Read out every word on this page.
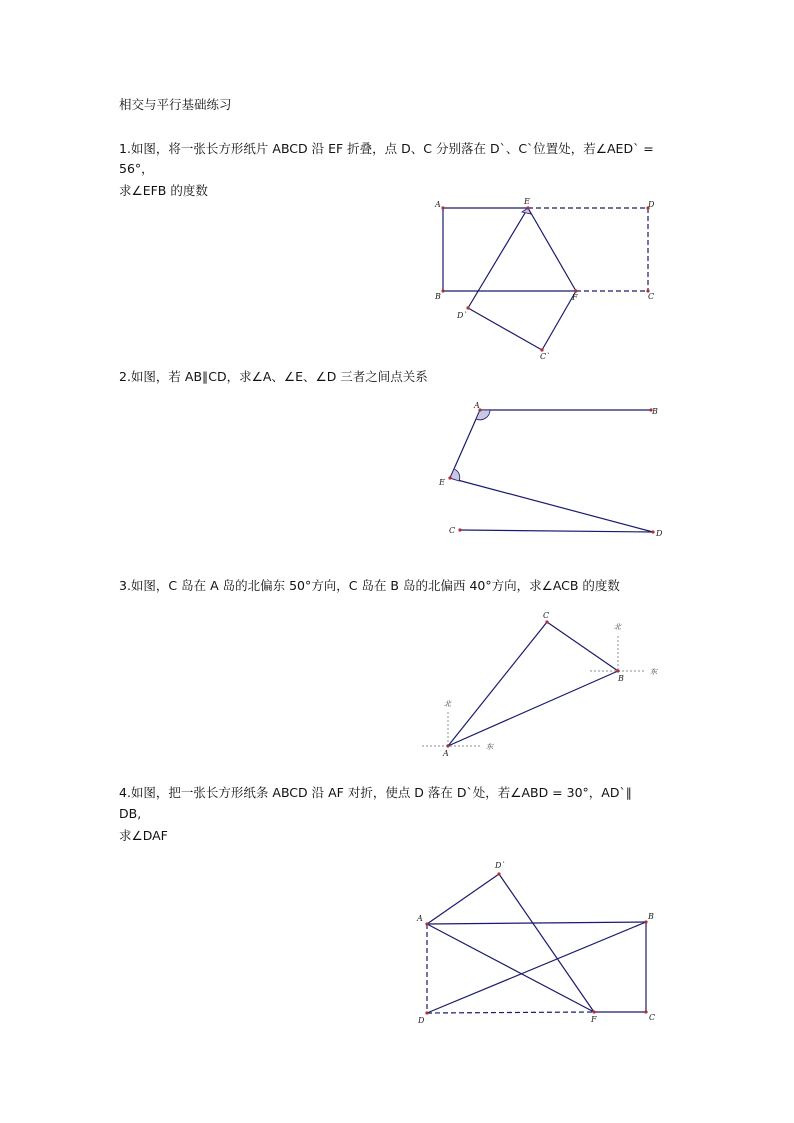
相交与平行基础练习
1.如图，将一张长方形纸片 ABCD 沿 EF 折叠，点 D、C 分别落在 D`、C`位置处，若∠AED` =
56°，
求∠EFB 的度数
A	E	D
B	F	C
D`
C`
2.如图，若 AB∥CD，求∠A、∠E、∠D 三者之间点关系
A
B
E
C	D
3.如图，C 岛在 A 岛的北偏东 50°方向，C 岛在 B 岛的北偏西 40°方向，求∠ACB 的度数
C
B
A
北
东
北
东
4.如图，把一张长方形纸条 ABCD 沿 AF 对折，使点 D 落在 D`处，若∠ABD = 30°，AD`∥
DB,
求∠DAF
D`
A	B
D	F	C
